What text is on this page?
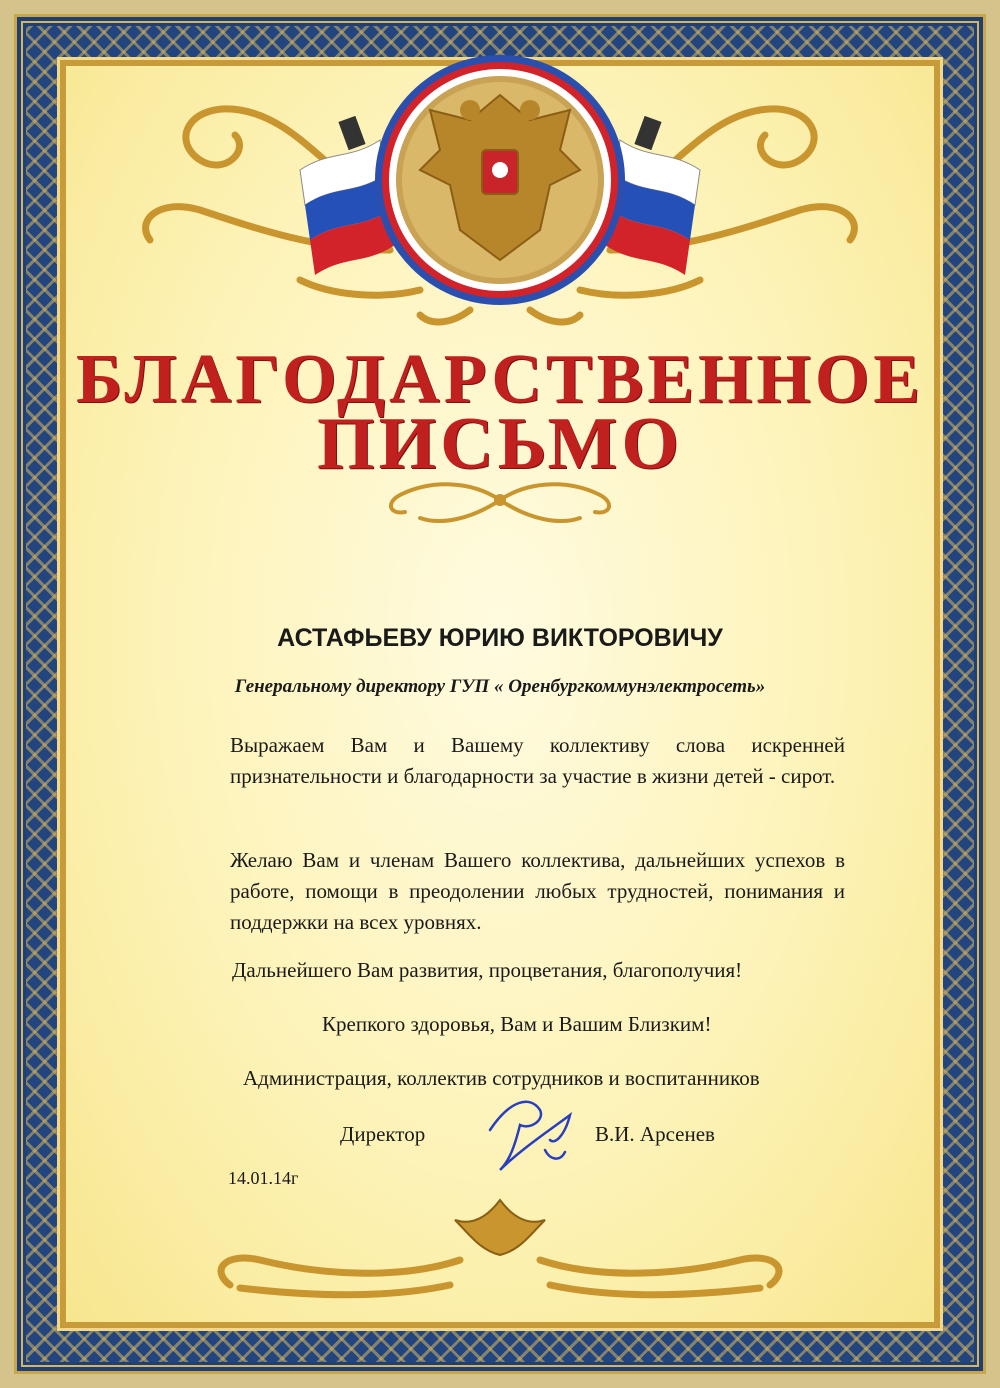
БЛАГОДАРСТВЕННОЕ
ПИСЬМО
АСТАФЬЕВУ ЮРИЮ ВИКТОРОВИЧУ
Генеральному директору ГУП « Оренбургкоммунэлектросеть»
Выражаем Вам и Вашему коллективу слова искренней признательности и благодарности за участие в жизни детей - сирот.
Желаю Вам и членам Вашего коллектива, дальнейших успехов в работе, помощи в преодолении любых трудностей, понимания и поддержки на всех уровнях.
Дальнейшего Вам развития, процветания, благополучия!
Крепкого здоровья, Вам и Вашим Близким!
Администрация, коллектив сотрудников и воспитанников
Директор	В.И. Арсенев
14.01.14г
